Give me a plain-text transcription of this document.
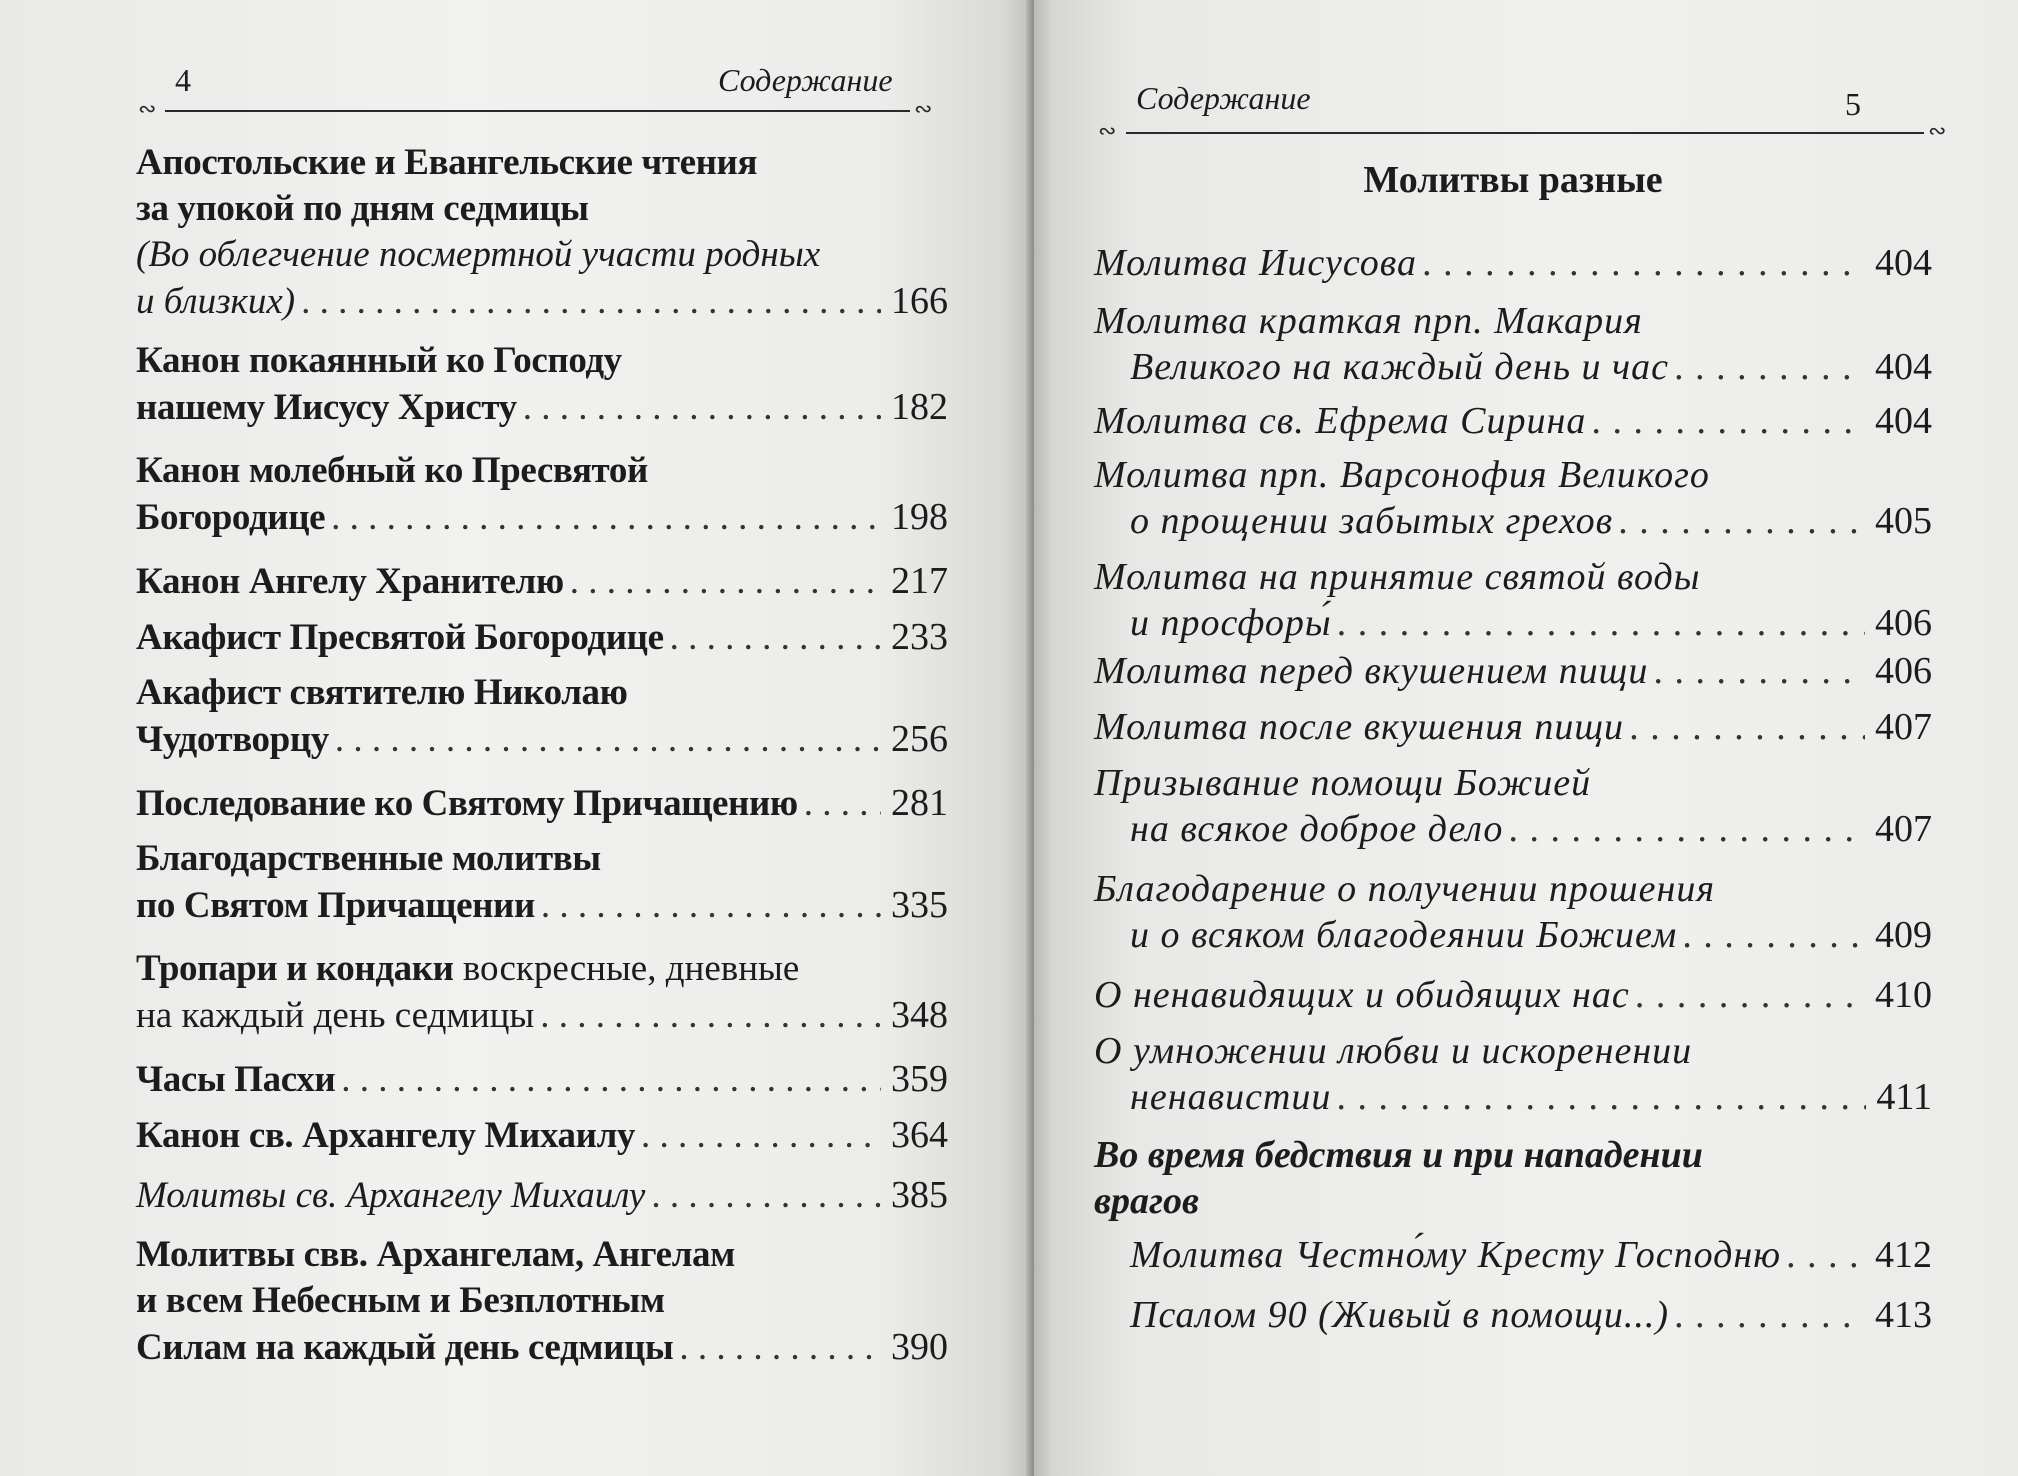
4	Содержание
∾	∾
Апостольские и Евангельские чтения
за упокой по дням седмицы
(Во облегчение посмертной участи родных
и близких) . . .	166
Канон покаянный ко Господу
нашему Иисусу Христу . . .	182
Канон молебный ко Пресвятой
Богородице . . .	198
Канон Ангелу Хранителю . . .	217
Акафист Пресвятой Богородице . . .	233
Акафист святителю Николаю
Чудотворцу . . .	256
Последование ко Святому Причащению . . . 281
Благодарственные молитвы
по Святом Причащении . . .	335
Тропари и кондаки воскресные, дневные
на каждый день седмицы . . .	348
Часы Пасхи . . .	359
Канон св. Архангелу Михаилу . . .	364
Молитвы св. Архангелу Михаилу . . .	385
Молитвы свв. Архангелам, Ангелам
и всем Небесным и Безплотным
Силам на каждый день седмицы . . .	390
Содержание	5
∾	∾
Молитвы разные
Молитва Иисусова . . .	404
Молитва краткая прп. Макария
Великого на каждый день и час . . .	404
Молитва св. Ефрема Сирина . . .	404
Молитва прп. Варсонофия Великого
о прощении забытых грехов . . .	405
Молитва на принятие святой воды
и просфоры́ . . .	406
Молитва перед вкушением пищи . . .	406
Молитва после вкушения пищи . . .	407
Призывание помощи Божией
на всякое доброе дело . . .	407
Благодарение о получении прошения
и о всяком благодеянии Божием . . .	409
О ненавидящих и обидящих нас . . .	410
О умножении любви и искоренении
ненавистии . . .	411
Во время бедствия и при нападении
врагов
Молитва Честно́му Кресту Господню . . . 412
Псалом 90 (Живый в помощи...) . . .	413
